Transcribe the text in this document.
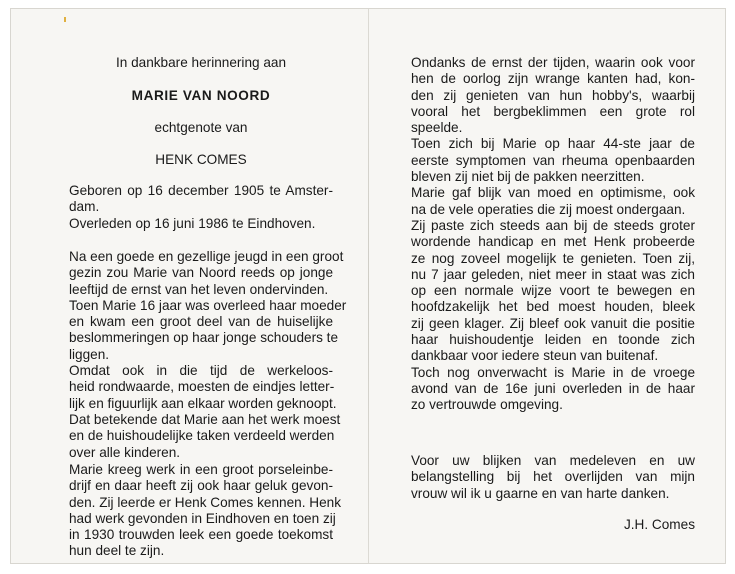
In dankbare herinnering aan

MARIE VAN NOORD

echtgenote van

HENK COMES

Geboren op 16 december 1905 te Amster-
dam.
Overleden op 16 juni 1986 te Eindhoven.
Na een goede en gezellige jeugd in een groot
gezin zou Marie van Noord reeds op jonge
leeftijd de ernst van het leven ondervinden.
Toen Marie 16 jaar was overleed haar moeder
en kwam een groot deel van de huiselijke
beslommeringen op haar jonge schouders te
liggen.
Omdat ook in die tijd de werkeloos-
heid rondwaarde, moesten de eindjes letter-
lijk en figuurlijk aan elkaar worden geknoopt.
Dat betekende dat Marie aan het werk moest
en de huishoudelijke taken verdeeld werden
over alle kinderen.
Marie kreeg werk in een groot porseleinbe-
drijf en daar heeft zij ook haar geluk gevon-
den. Zij leerde er Henk Comes kennen. Henk
had werk gevonden in Eindhoven en toen zij
in 1930 trouwden leek een goede toekomst
hun deel te zijn.
Ondanks de ernst der tijden, waarin ook voor
hen de oorlog zijn wrange kanten had, kon-
den zij genieten van hun hobby's, waarbij
vooral het bergbeklimmen een grote rol
speelde.
Toen zich bij Marie op haar 44-ste jaar de
eerste symptomen van rheuma openbaarden
bleven zij niet bij de pakken neerzitten.
Marie gaf blijk van moed en optimisme, ook
na de vele operaties die zij moest ondergaan.
Zij paste zich steeds aan bij de steeds groter
wordende handicap en met Henk probeerde
ze nog zoveel mogelijk te genieten. Toen zij,
nu 7 jaar geleden, niet meer in staat was zich
op een normale wijze voort te bewegen en
hoofdzakelijk het bed moest houden, bleek
zij geen klager. Zij bleef ook vanuit die positie
haar huishoudentje leiden en toonde zich
dankbaar voor iedere steun van buitenaf.
Toch nog onverwacht is Marie in de vroege
avond van de 16e juni overleden in de haar
zo vertrouwde omgeving.
Voor uw blijken van medeleven en uw
belangstelling bij het overlijden van mijn
vrouw wil ik u gaarne en van harte danken.

J.H. Comes
